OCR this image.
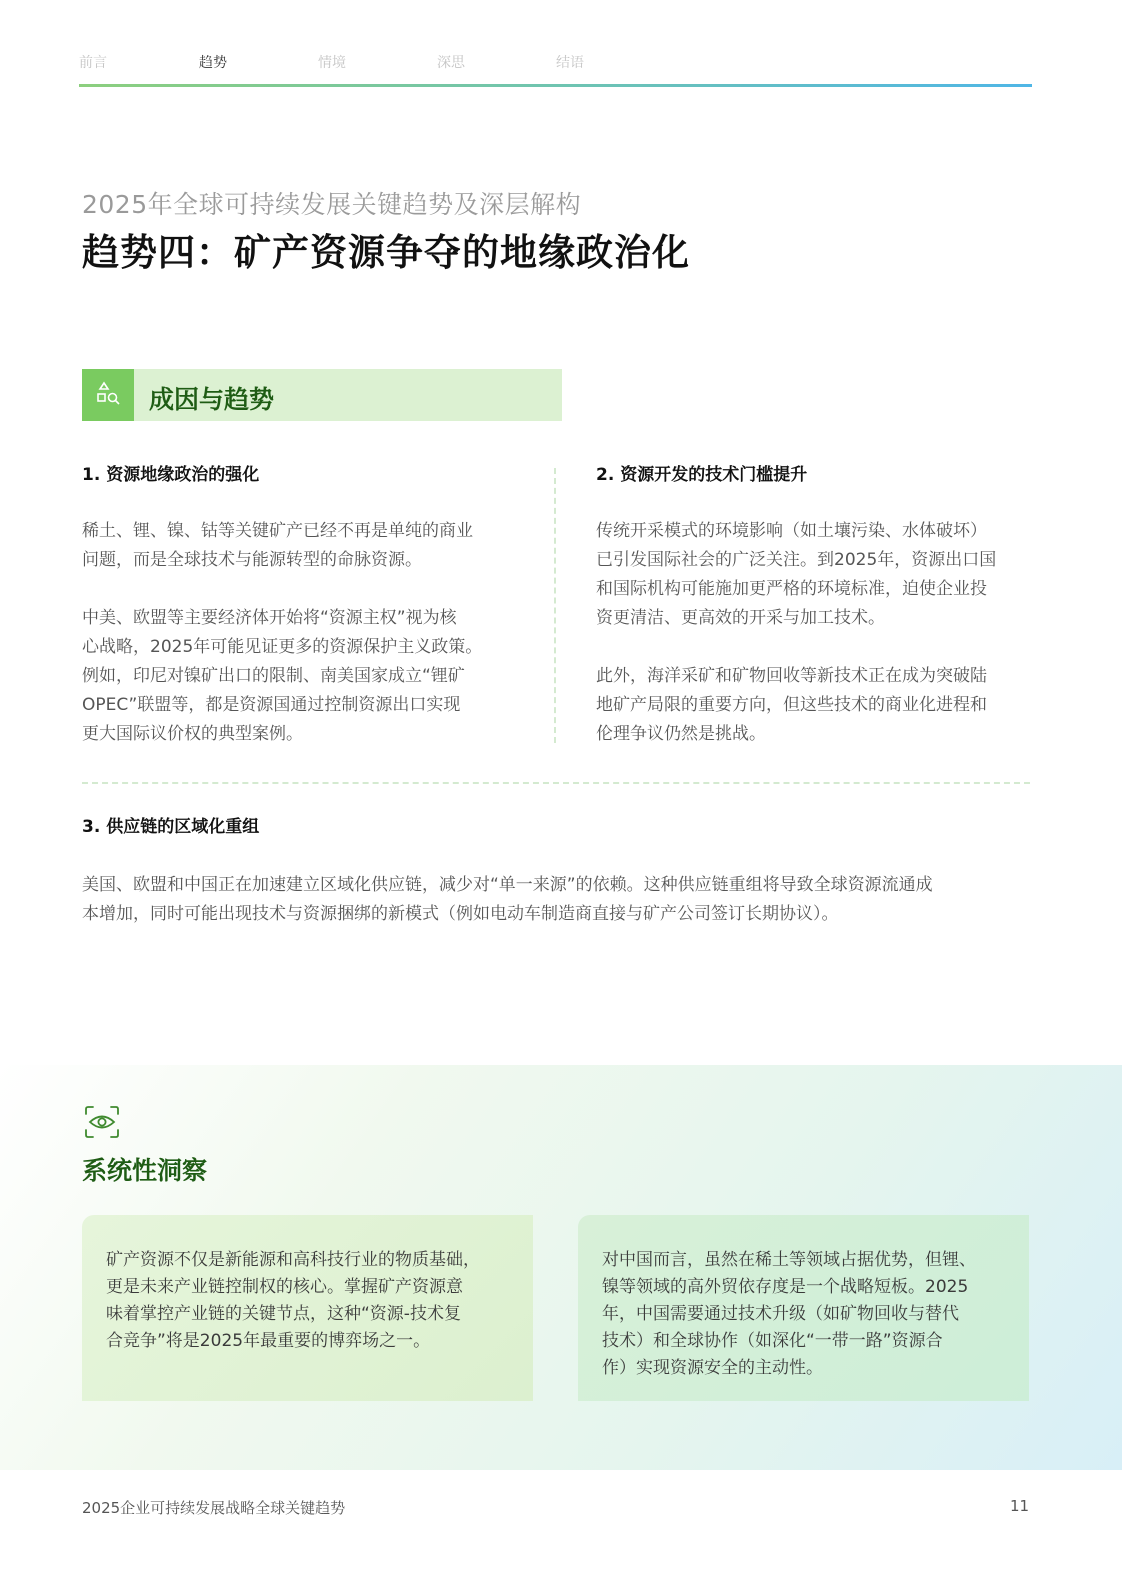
前言	趋势	情境	深思	结语
2025年全球可持续发展关键趋势及深层解构
趋势四：矿产资源争夺的地缘政治化
成因与趋势
1. 资源地缘政治的强化
稀土、锂、镍、钴等关键矿产已经不再是单纯的商业
问题，而是全球技术与能源转型的命脉资源。
中美、欧盟等主要经济体开始将“资源主权”视为核
心战略，2025年可能见证更多的资源保护主义政策。
例如，印尼对镍矿出口的限制、南美国家成立“锂矿
OPEC”联盟等，都是资源国通过控制资源出口实现
更大国际议价权的典型案例。
2. 资源开发的技术门槛提升
传统开采模式的环境影响（如土壤污染、水体破坏）
已引发国际社会的广泛关注。到2025年，资源出口国
和国际机构可能施加更严格的环境标准，迫使企业投
资更清洁、更高效的开采与加工技术。
此外，海洋采矿和矿物回收等新技术正在成为突破陆
地矿产局限的重要方向，但这些技术的商业化进程和
伦理争议仍然是挑战。
3. 供应链的区域化重组
美国、欧盟和中国正在加速建立区域化供应链，减少对“单一来源”的依赖。这种供应链重组将导致全球资源流通成
本增加，同时可能出现技术与资源捆绑的新模式（例如电动车制造商直接与矿产公司签订长期协议）。
系统性洞察
矿产资源不仅是新能源和高科技行业的物质基础，
更是未来产业链控制权的核心。掌握矿产资源意
味着掌控产业链的关键节点，这种“资源-技术复
合竞争”将是2025年最重要的博弈场之一。
对中国而言，虽然在稀土等领域占据优势，但锂、
镍等领域的高外贸依存度是一个战略短板。2025
年，中国需要通过技术升级（如矿物回收与替代
技术）和全球协作（如深化“一带一路”资源合
作）实现资源安全的主动性。
2025企业可持续发展战略全球关键趋势	11
